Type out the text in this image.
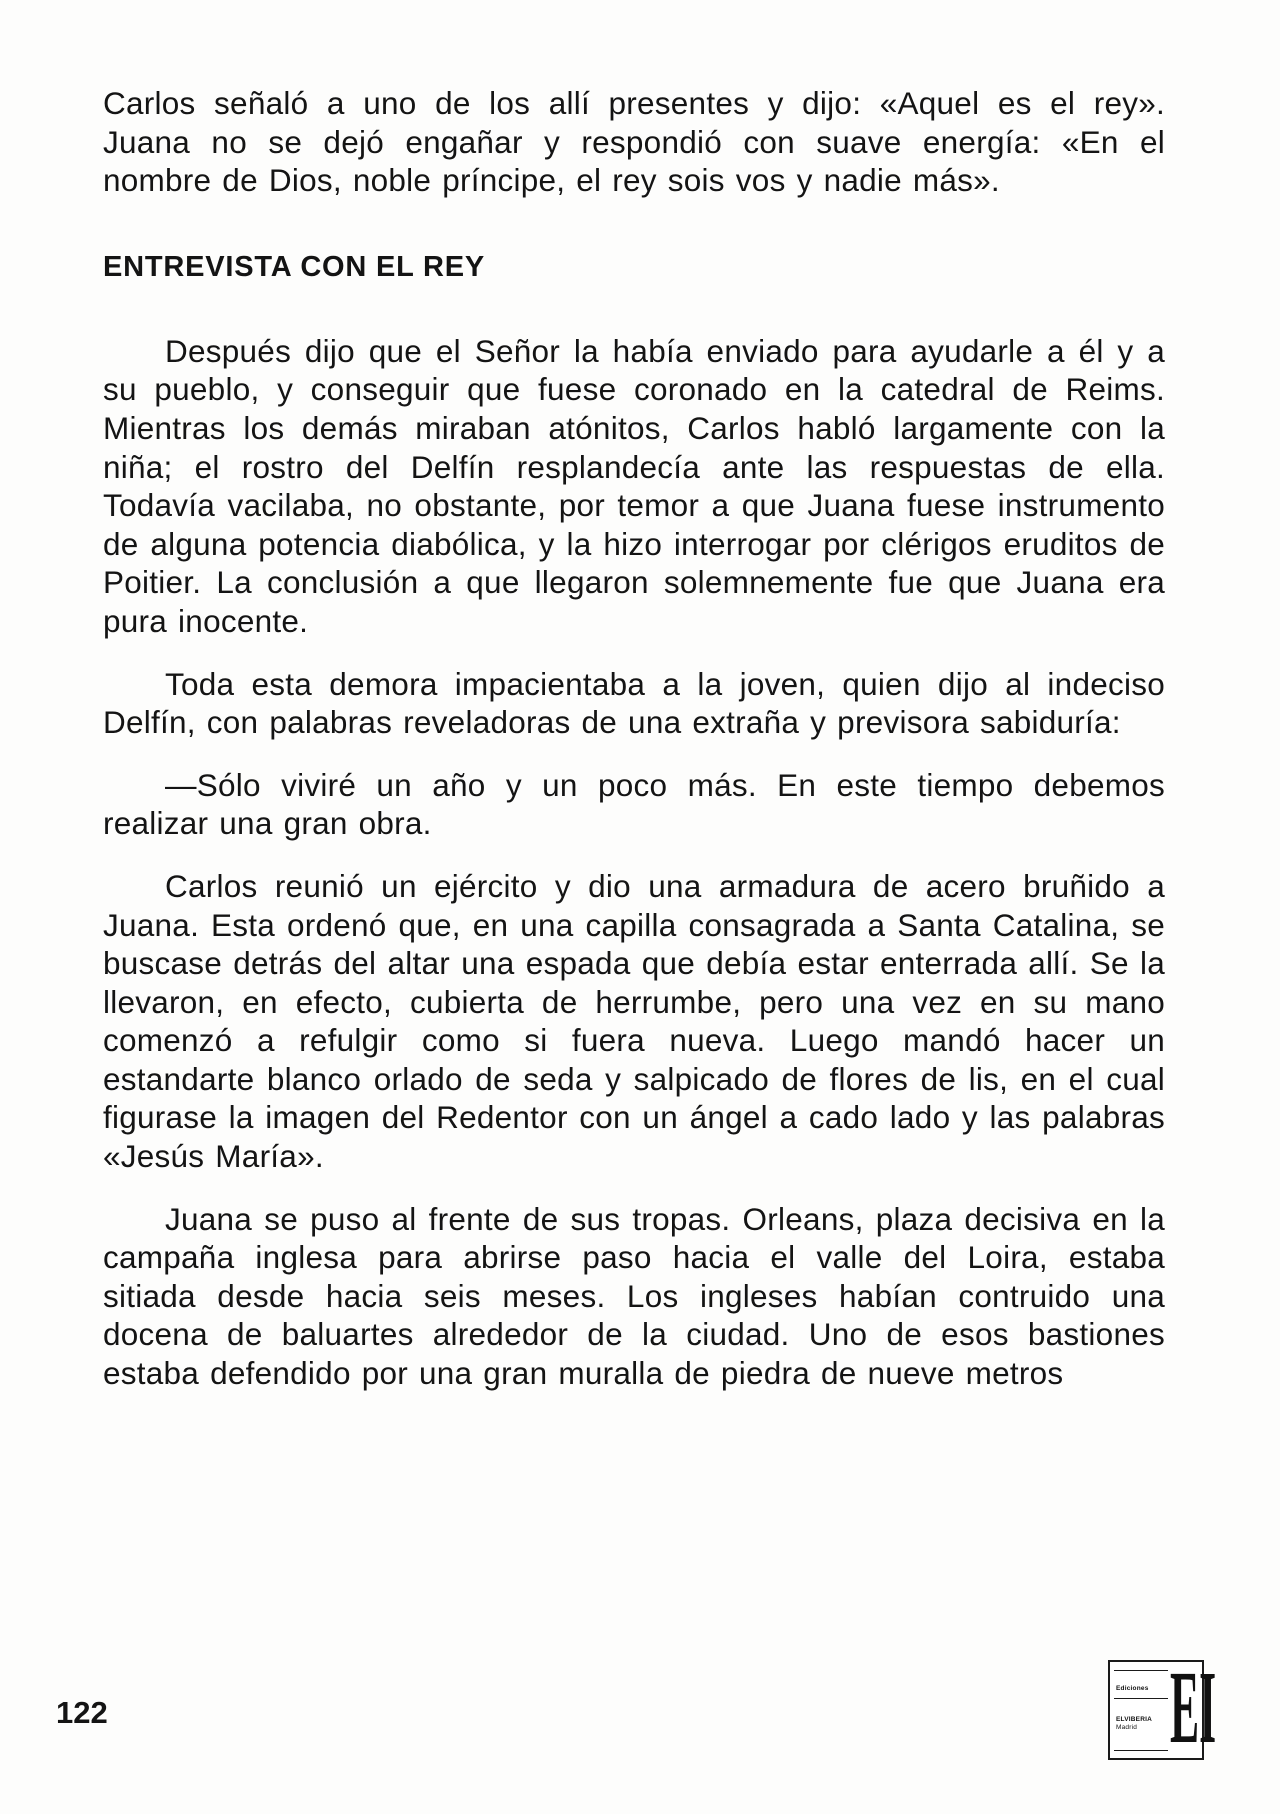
Carlos señaló a uno de los allí presentes y dijo: «Aquel es el rey». Juana no se dejó engañar y respondió con suave energía: «En el nombre de Dios, noble príncipe, el rey sois vos y nadie más».

ENTREVISTA CON EL REY

Después dijo que el Señor la había enviado para ayudarle a él y a su pueblo, y conseguir que fuese coronado en la catedral de Reims. Mientras los demás miraban atónitos, Carlos habló largamente con la niña; el rostro del Delfín resplandecía ante las respuestas de ella. Todavía vacilaba, no obstante, por temor a que Juana fuese instrumento de alguna potencia diabólica, y la hizo interrogar por clérigos eruditos de Poitier. La conclusión a que llegaron solemnemente fue que Juana era pura inocente.

Toda esta demora impacientaba a la joven, quien dijo al indeciso Delfín, con palabras reveladoras de una extraña y previsora sabiduría:

—Sólo viviré un año y un poco más. En este tiempo debemos realizar una gran obra.

Carlos reunió un ejército y dio una armadura de acero bruñido a Juana. Esta ordenó que, en una capilla consagrada a Santa Catalina, se buscase detrás del altar una espada que debía estar enterrada allí. Se la llevaron, en efecto, cubierta de herrumbe, pero una vez en su mano comenzó a refulgir como si fuera nueva. Luego mandó hacer un estandarte blanco orlado de seda y salpicado de flores de lis, en el cual figurase la imagen del Redentor con un ángel a cado lado y las palabras «Jesús María».

Juana se puso al frente de sus tropas. Orleans, plaza decisiva en la campaña inglesa para abrirse paso hacia el valle del Loira, estaba sitiada desde hacia seis meses. Los ingleses habían contruido una docena de baluartes alrededor de la ciudad. Uno de esos bastiones estaba defendido por una gran muralla de piedra de nueve metros

122
Ediciones
ELVIBERIA
Madrid EI
